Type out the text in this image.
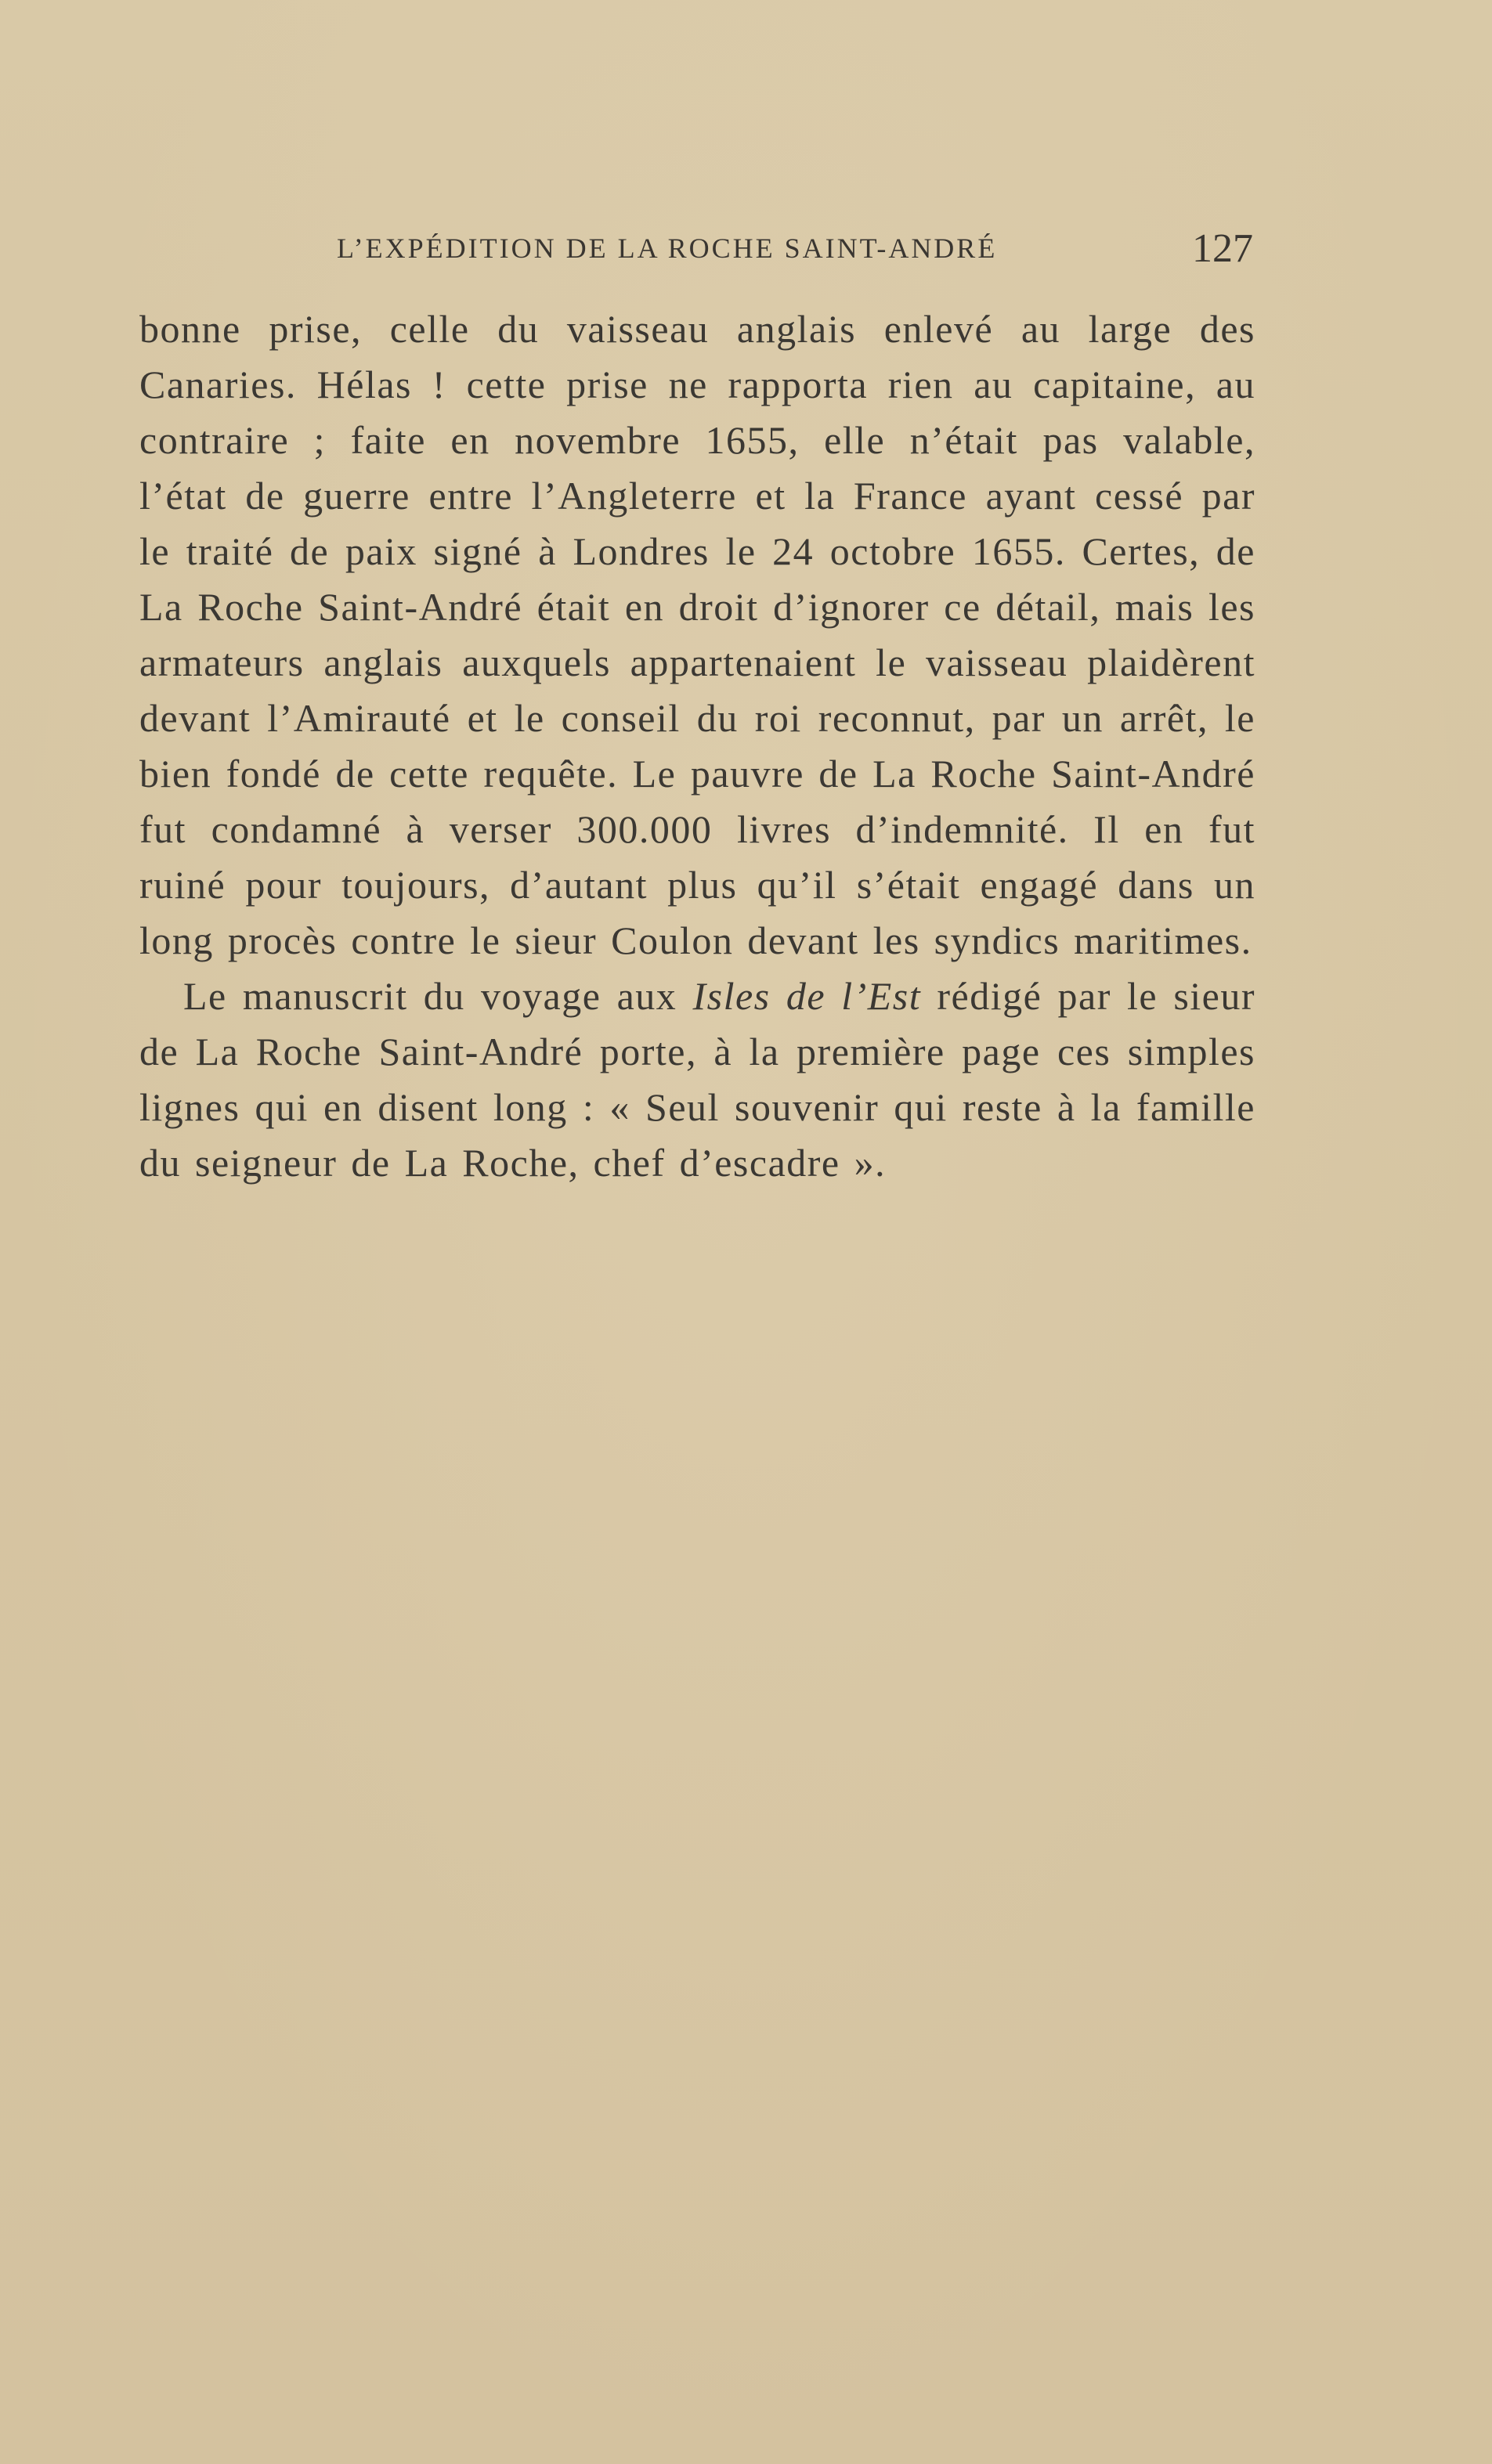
L’EXPÉDITION DE LA ROCHE SAINT-ANDRÉ	127

bonne prise, celle du vaisseau anglais enlevé au large des Canaries. Hélas ! cette prise ne rapporta rien au capitaine, au contraire ; faite en novembre 1655, elle n’était pas valable, l’état de guerre entre l’Angleterre et la France ayant cessé par le traité de paix signé à Londres le 24 octobre 1655. Certes, de La Roche Saint-André était en droit d’ignorer ce détail, mais les armateurs anglais auxquels appartenaient le vaisseau plaidèrent devant l’Amirauté et le conseil du roi reconnut, par un arrêt, le bien fondé de cette requête. Le pauvre de La Roche Saint-André fut condamné à verser 300.000 livres d’indemnité. Il en fut ruiné pour toujours, d’autant plus qu’il s’était engagé dans un long procès contre le sieur Coulon devant les syndics maritimes.

Le manuscrit du voyage aux Isles de l’Est rédigé par le sieur de La Roche Saint-André porte, à la première page ces simples lignes qui en disent long : « Seul souvenir qui reste à la famille du seigneur de La Roche, chef d’escadre ».
